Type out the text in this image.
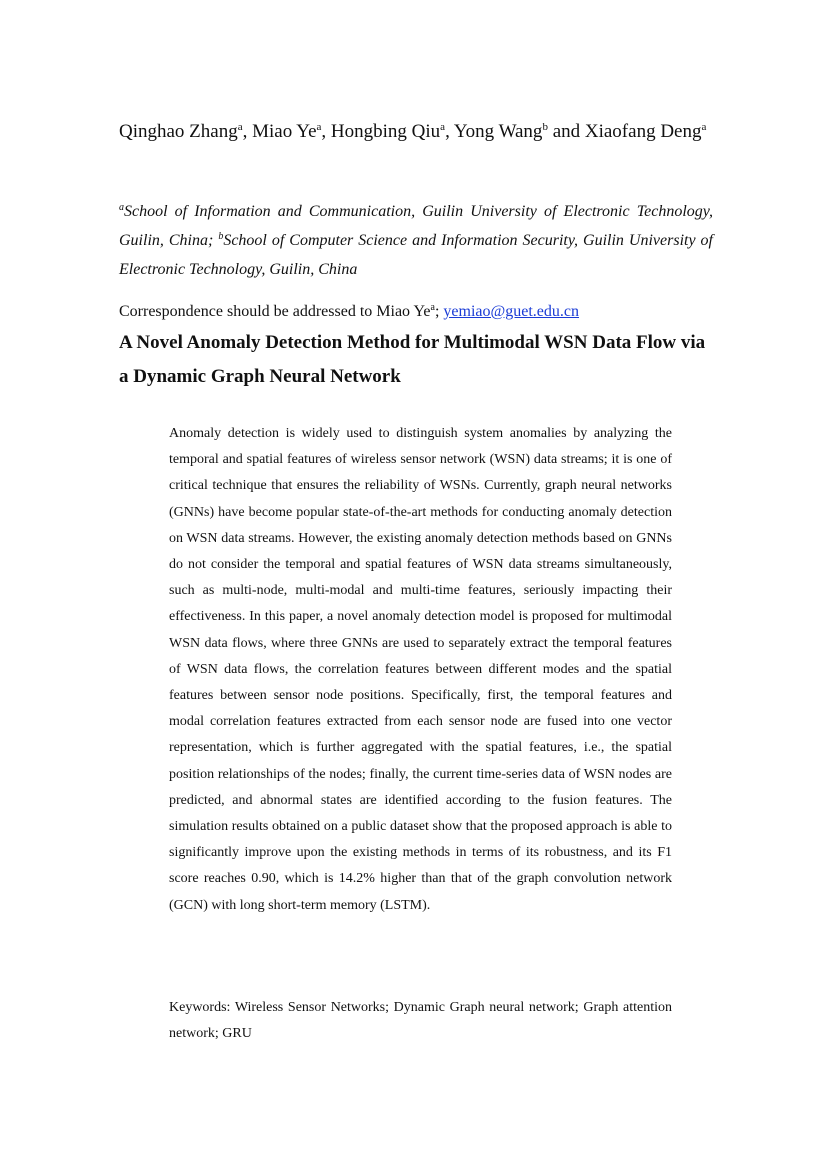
Qinghao Zhang$^a$, Miao Ye$^a$, Hongbing Qiu$^a$, Yong Wang$^b$ and Xiaofang Deng$^a$
$^a$School of Information and Communication, Guilin University of Electronic Technology, Guilin, China; $^b$School of Computer Science and Information Security, Guilin University of Electronic Technology, Guilin, China
Correspondence should be addressed to Miao Ye$^a$; yemiao@guet.edu.cn
A Novel Anomaly Detection Method for Multimodal WSN Data Flow via a Dynamic Graph Neural Network
Anomaly detection is widely used to distinguish system anomalies by analyzing the temporal and spatial features of wireless sensor network (WSN) data streams; it is one of critical technique that ensures the reliability of WSNs. Currently, graph neural networks (GNNs) have become popular state-of-the-art methods for conducting anomaly detection on WSN data streams. However, the existing anomaly detection methods based on GNNs do not consider the temporal and spatial features of WSN data streams simultaneously, such as multi-node, multi-modal and multi-time features, seriously impacting their effectiveness. In this paper, a novel anomaly detection model is proposed for multimodal WSN data flows, where three GNNs are used to separately extract the temporal features of WSN data flows, the correlation features between different modes and the spatial features between sensor node positions. Specifically, first, the temporal features and modal correlation features extracted from each sensor node are fused into one vector representation, which is further aggregated with the spatial features, i.e., the spatial position relationships of the nodes; finally, the current time-series data of WSN nodes are predicted, and abnormal states are identified according to the fusion features. The simulation results obtained on a public dataset show that the proposed approach is able to significantly improve upon the existing methods in terms of its robustness, and its F1 score reaches 0.90, which is 14.2% higher than that of the graph convolution network (GCN) with long short-term memory (LSTM).
Keywords: Wireless Sensor Networks; Dynamic Graph neural network; Graph attention network; GRU
